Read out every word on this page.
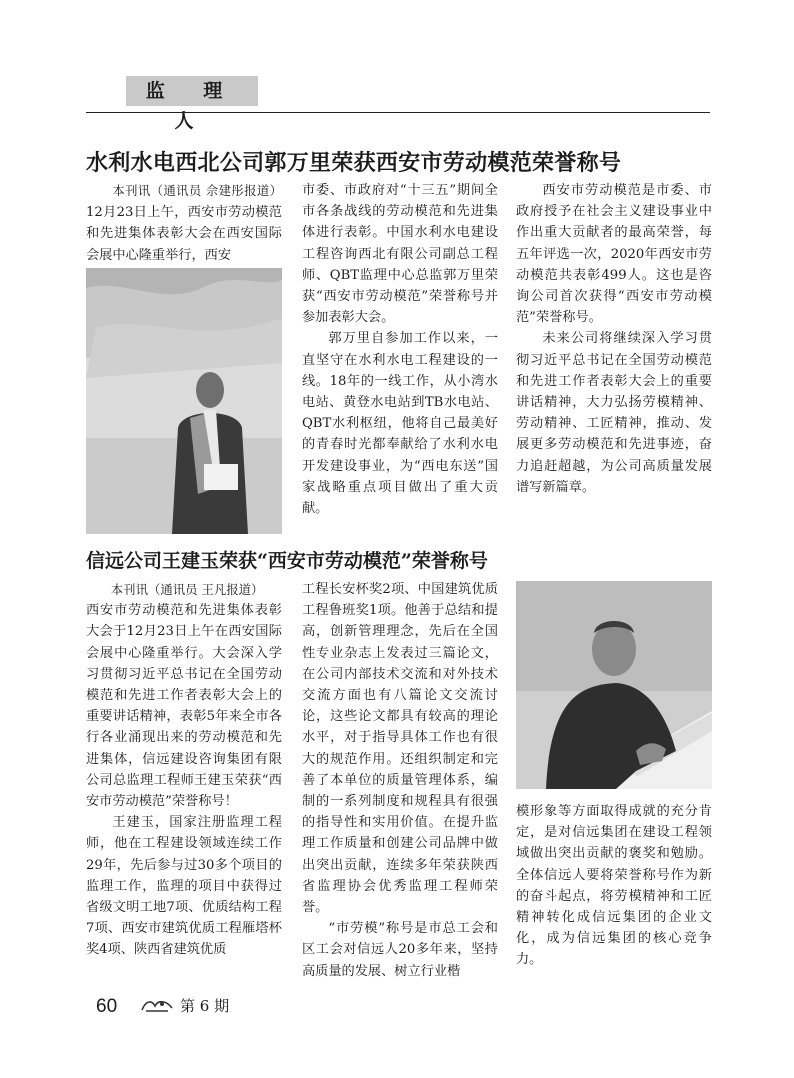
监 理 人
水利水电西北公司郭万里荣获西安市劳动模范荣誉称号

本刊讯（通讯员 佘建彤报道）12月23日上午，西安市劳动模范和先进集体表彰大会在西安国际会展中心隆重举行，西安

市委、市政府对“十三五”期间全市各条战线的劳动模范和先进集体进行表彰。中国水利水电建设工程咨询西北有限公司副总工程师、QBT监理中心总监郭万里荣获“西安市劳动模范”荣誉称号并参加表彰大会。

郭万里自参加工作以来，一直坚守在水利水电工程建设的一线。18年的一线工作，从小湾水电站、黄登水电站到TB水电站、QBT水利枢纽，他将自己最美好的青春时光都奉献给了水利水电开发建设事业，为“西电东送”国家战略重点项目做出了重大贡献。

西安市劳动模范是市委、市政府授予在社会主义建设事业中作出重大贡献者的最高荣誉，每五年评选一次，2020年西安市劳动模范共表彰499人。这也是咨询公司首次获得“西安市劳动模范”荣誉称号。

未来公司将继续深入学习贯彻习近平总书记在全国劳动模范和先进工作者表彰大会上的重要讲话精神，大力弘扬劳模精神、劳动精神、工匠精神，推动、发展更多劳动模范和先进事迹，奋力追赶超越，为公司高质量发展谱写新篇章。

信远公司王建玉荣获“西安市劳动模范”荣誉称号

本刊讯（通讯员 王凡报道）

西安市劳动模范和先进集体表彰大会于12月23日上午在西安国际会展中心隆重举行。大会深入学习贯彻习近平总书记在全国劳动模范和先进工作者表彰大会上的重要讲话精神，表彰5年来全市各行各业涌现出来的劳动模范和先进集体，信远建设咨询集团有限公司总监理工程师王建玉荣获“西安市劳动模范”荣誉称号！

王建玉，国家注册监理工程师，他在工程建设领域连续工作29年，先后参与过30多个项目的监理工作，监理的项目中获得过省级文明工地7项、优质结构工程7项、西安市建筑优质工程雁塔杯奖4项、陕西省建筑优质

工程长安杯奖2项、中国建筑优质工程鲁班奖1项。他善于总结和提高，创新管理理念，先后在全国性专业杂志上发表过三篇论文，在公司内部技术交流和对外技术交流方面也有八篇论文交流讨论，这些论文都具有较高的理论水平，对于指导具体工作也有很大的规范作用。还组织制定和完善了本单位的质量管理体系，编制的一系列制度和规程具有很强的指导性和实用价值。在提升监理工作质量和创建公司品牌中做出突出贡献，连续多年荣获陕西省监理协会优秀监理工程师荣誉。

“市劳模”称号是市总工会和区工会对信远人20多年来，坚持高质量的发展、树立行业楷

模形象等方面取得成就的充分肯定，是对信远集团在建设工程领域做出突出贡献的褒奖和勉励。全体信远人要将荣誉称号作为新的奋斗起点，将劳模精神和工匠精神转化成信远集团的企业文化，成为信远集团的核心竞争力。

60	第 6 期
